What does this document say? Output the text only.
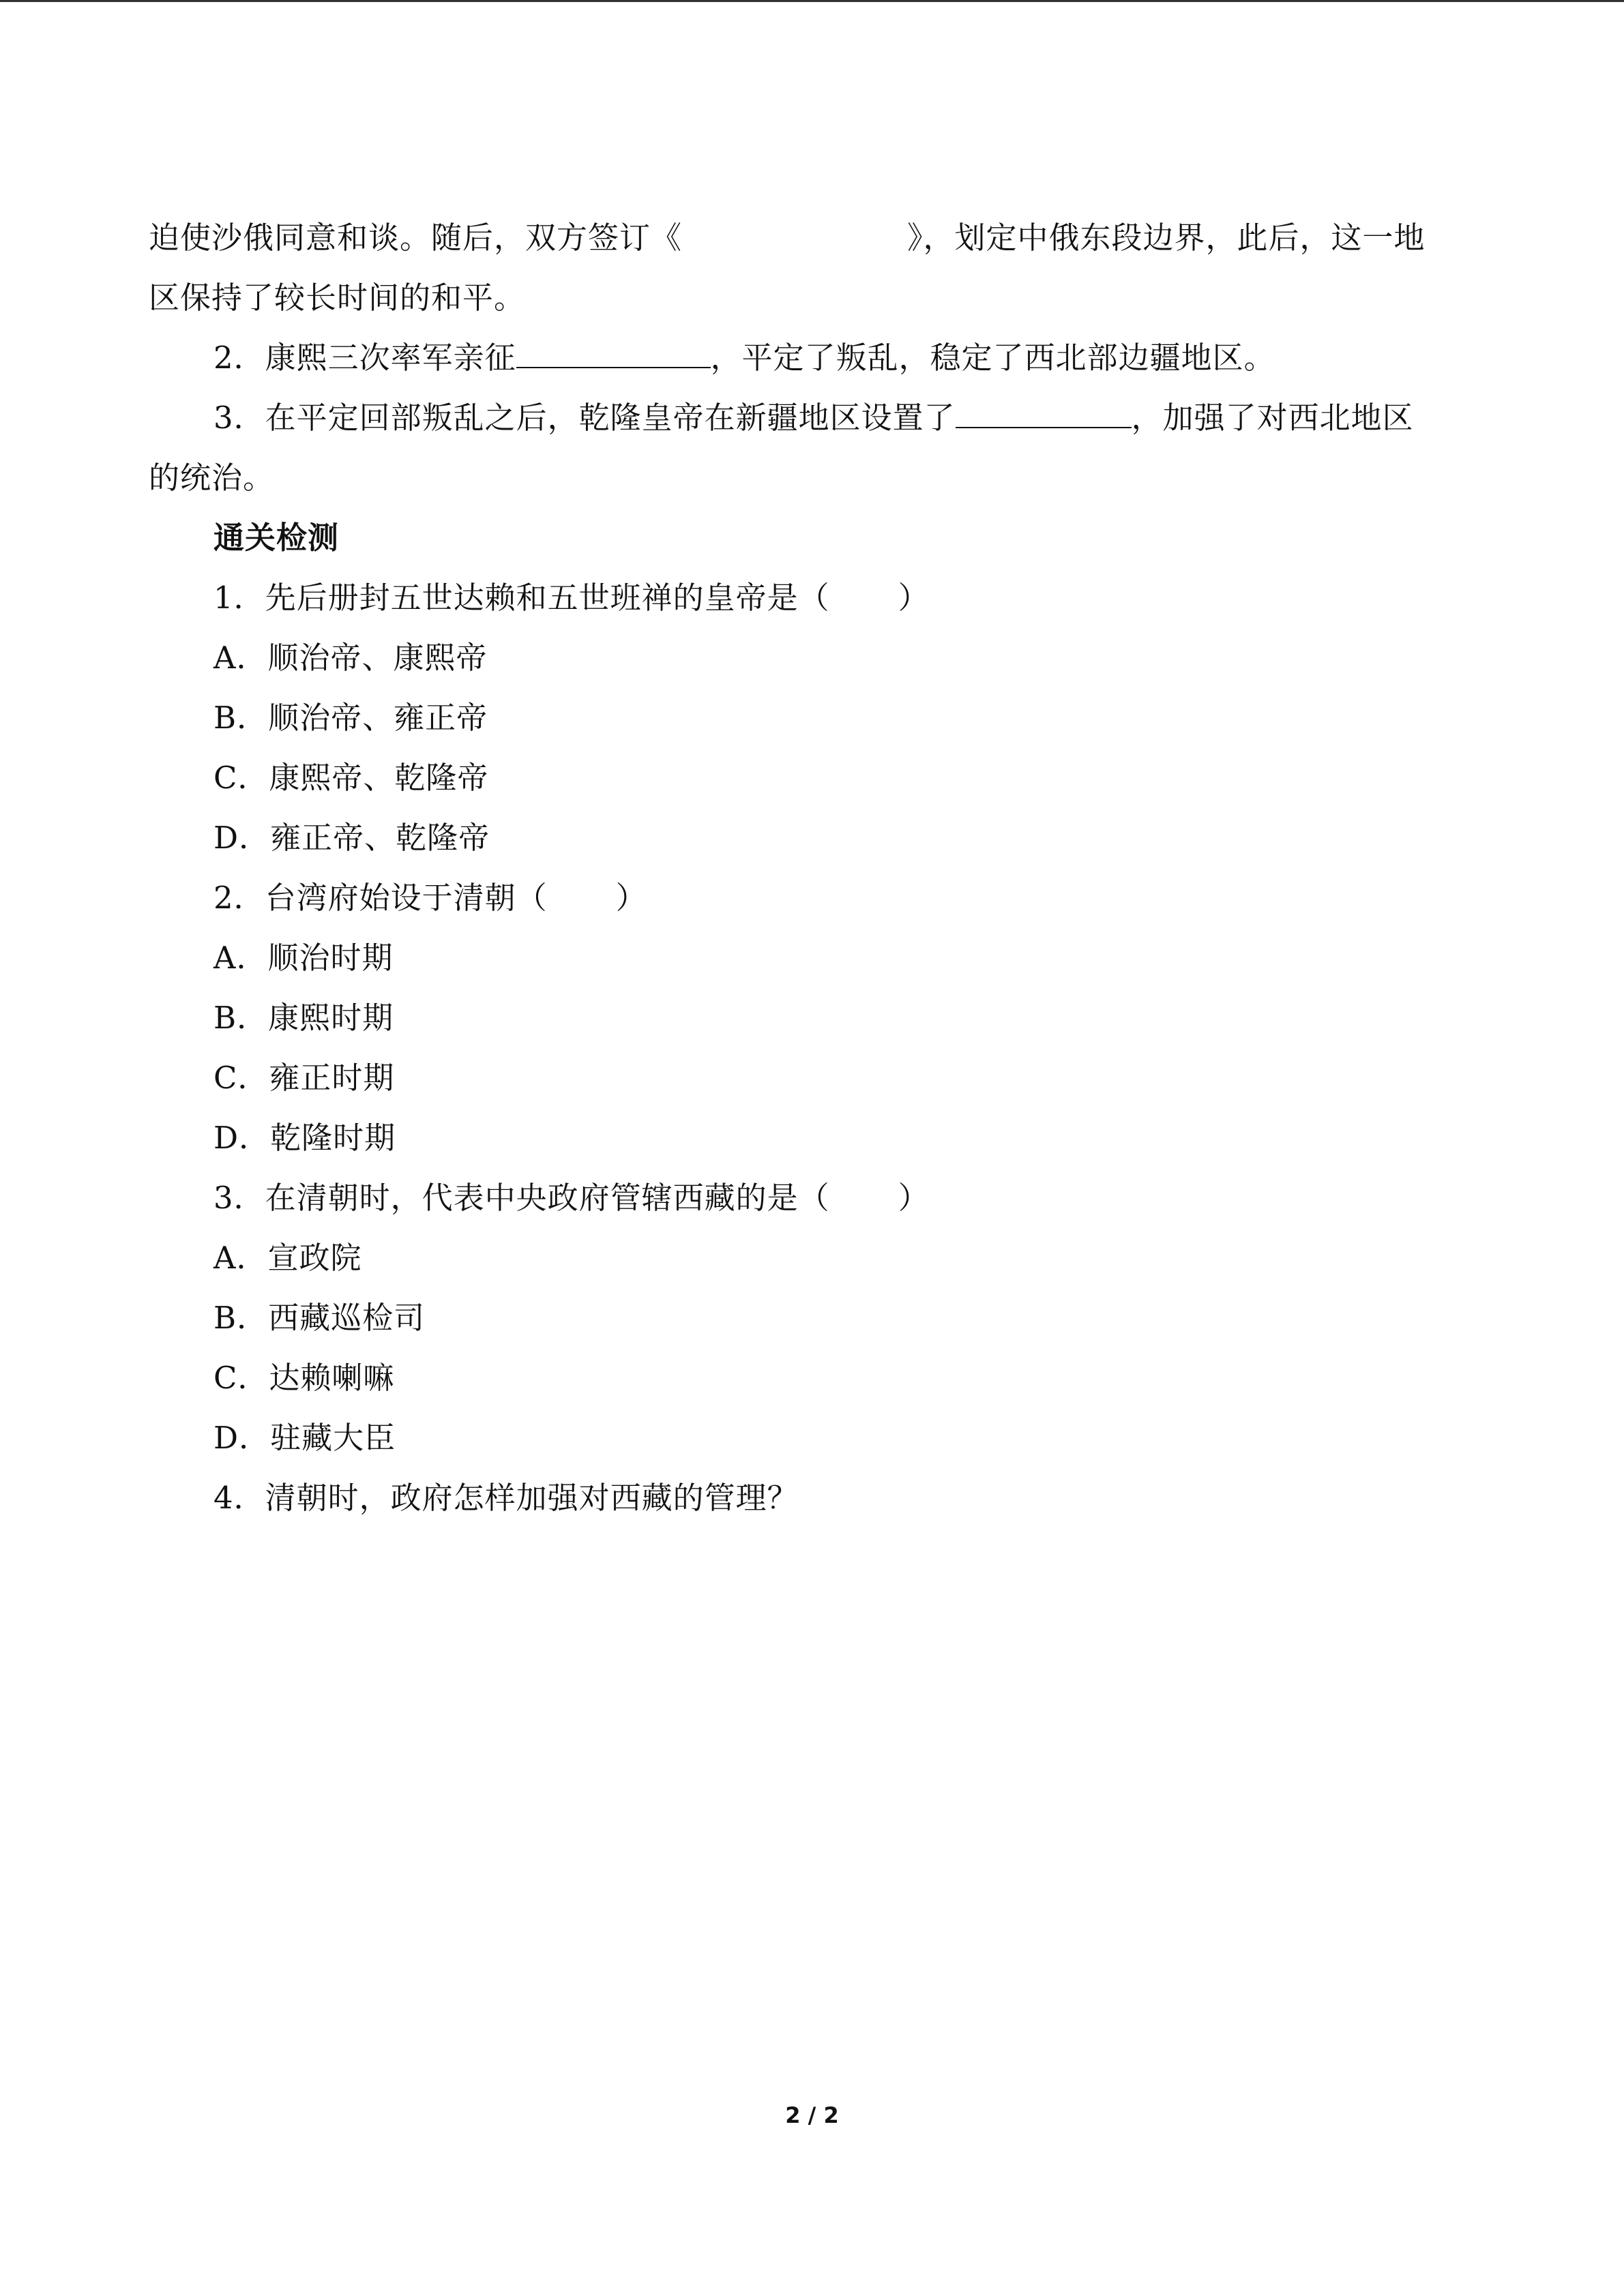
迫使沙俄同意和谈。随后，双方签订《	》，划定中俄东段边界，此后，这一地
区保持了较长时间的和平。
2．康熙三次率军亲征	，平定了叛乱，稳定了西北部边疆地区。
3．在平定回部叛乱之后，乾隆皇帝在新疆地区设置了	，加强了对西北地区
的统治。
通关检测
1．先后册封五世达赖和五世班禅的皇帝是（ ）
A．顺治帝、康熙帝
B．顺治帝、雍正帝
C．康熙帝、乾隆帝
D．雍正帝、乾隆帝
2．台湾府始设于清朝（ ）
A．顺治时期
B．康熙时期
C．雍正时期
D．乾隆时期
3．在清朝时，代表中央政府管辖西藏的是（ ）
A．宣政院
B．西藏巡检司
C．达赖喇嘛
D．驻藏大臣
4．清朝时，政府怎样加强对西藏的管理？
2 / 2
